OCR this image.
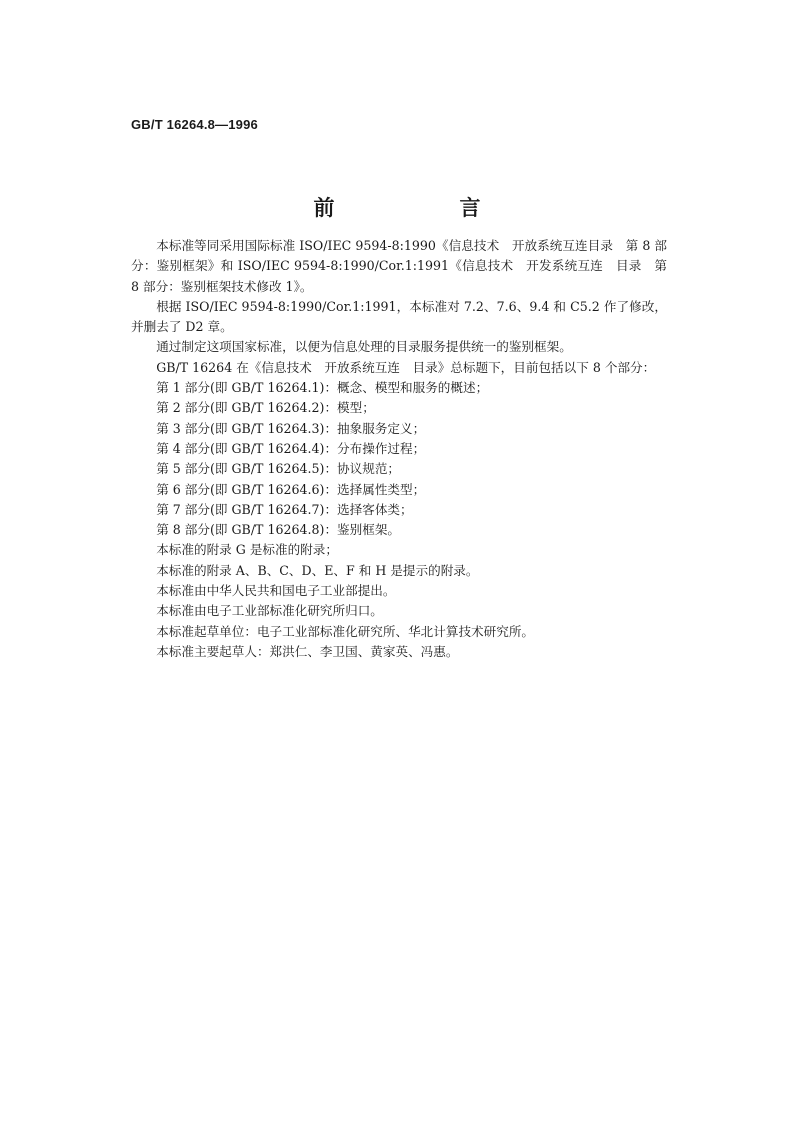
GB/T 16264.8—1996
前　言

本标准等同采用国际标准 ISO/IEC 9594-8:1990《信息技术　开放系统互连目录　第 8 部分：鉴别框架》和 ISO/IEC 9594-8:1990/Cor.1:1991《信息技术　开发系统互连　目录　第 8 部分：鉴别框架技术修改 1》。

根据 ISO/IEC 9594-8:1990/Cor.1:1991，本标准对 7.2、7.6、9.4 和 C5.2 作了修改，并删去了 D2 章。

通过制定这项国家标准，以便为信息处理的目录服务提供统一的鉴别框架。

GB/T 16264 在《信息技术　开放系统互连　目录》总标题下，目前包括以下 8 个部分：

第 1 部分(即 GB/T 16264.1)：概念、模型和服务的概述；

第 2 部分(即 GB/T 16264.2)：模型；

第 3 部分(即 GB/T 16264.3)：抽象服务定义；

第 4 部分(即 GB/T 16264.4)：分布操作过程；

第 5 部分(即 GB/T 16264.5)：协议规范；

第 6 部分(即 GB/T 16264.6)：选择属性类型；

第 7 部分(即 GB/T 16264.7)：选择客体类；

第 8 部分(即 GB/T 16264.8)：鉴别框架。

本标准的附录 G 是标准的附录；

本标准的附录 A、B、C、D、E、F 和 H 是提示的附录。

本标准由中华人民共和国电子工业部提出。

本标准由电子工业部标准化研究所归口。

本标准起草单位：电子工业部标准化研究所、华北计算技术研究所。

本标准主要起草人：郑洪仁、李卫国、黄家英、冯惠。
